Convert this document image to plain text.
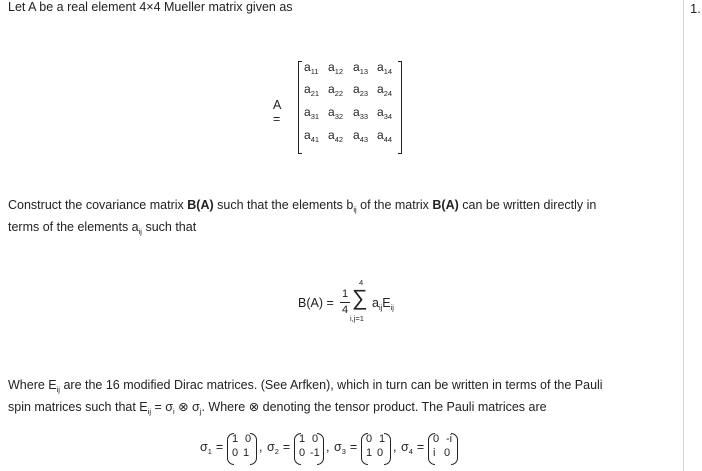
Let A be a real element 4×4 Mueller matrix given as
A =
$a_{11}$ $a_{12}$ $a_{13}$ $a_{14}$
$a_{21}$ $a_{22}$ $a_{23}$ $a_{24}$
$a_{31}$ $a_{32}$ $a_{33}$ $a_{34}$
$a_{41}$ $a_{42}$ $a_{43}$ $a_{44}$
Construct the covariance matrix B(A) such that the elements $b_{ij}$ of the matrix B(A) can be written directly in
terms of the elements $a_{ij}$ such that
B(A) =
1
4 ∑
4
i,j=1
$a_{ij}E_{ij}$
Where $E_{ij}$ are the 16 modified Dirac matrices. (See Arfken), which in turn can be written in terms of the Pauli
spin matrices such that $E_{ij} = \sigma_i$ ⊗ $\sigma_j$. Where ⊗ denoting the tensor product. The Pauli matrices are
$\sigma_1$ =
1 0
0 1 , $\sigma_2$ =
1 0
0 -1 , $\sigma_3$ =
0 1
1 0 , $\sigma_4$ =
0 -i
i 0
1.
